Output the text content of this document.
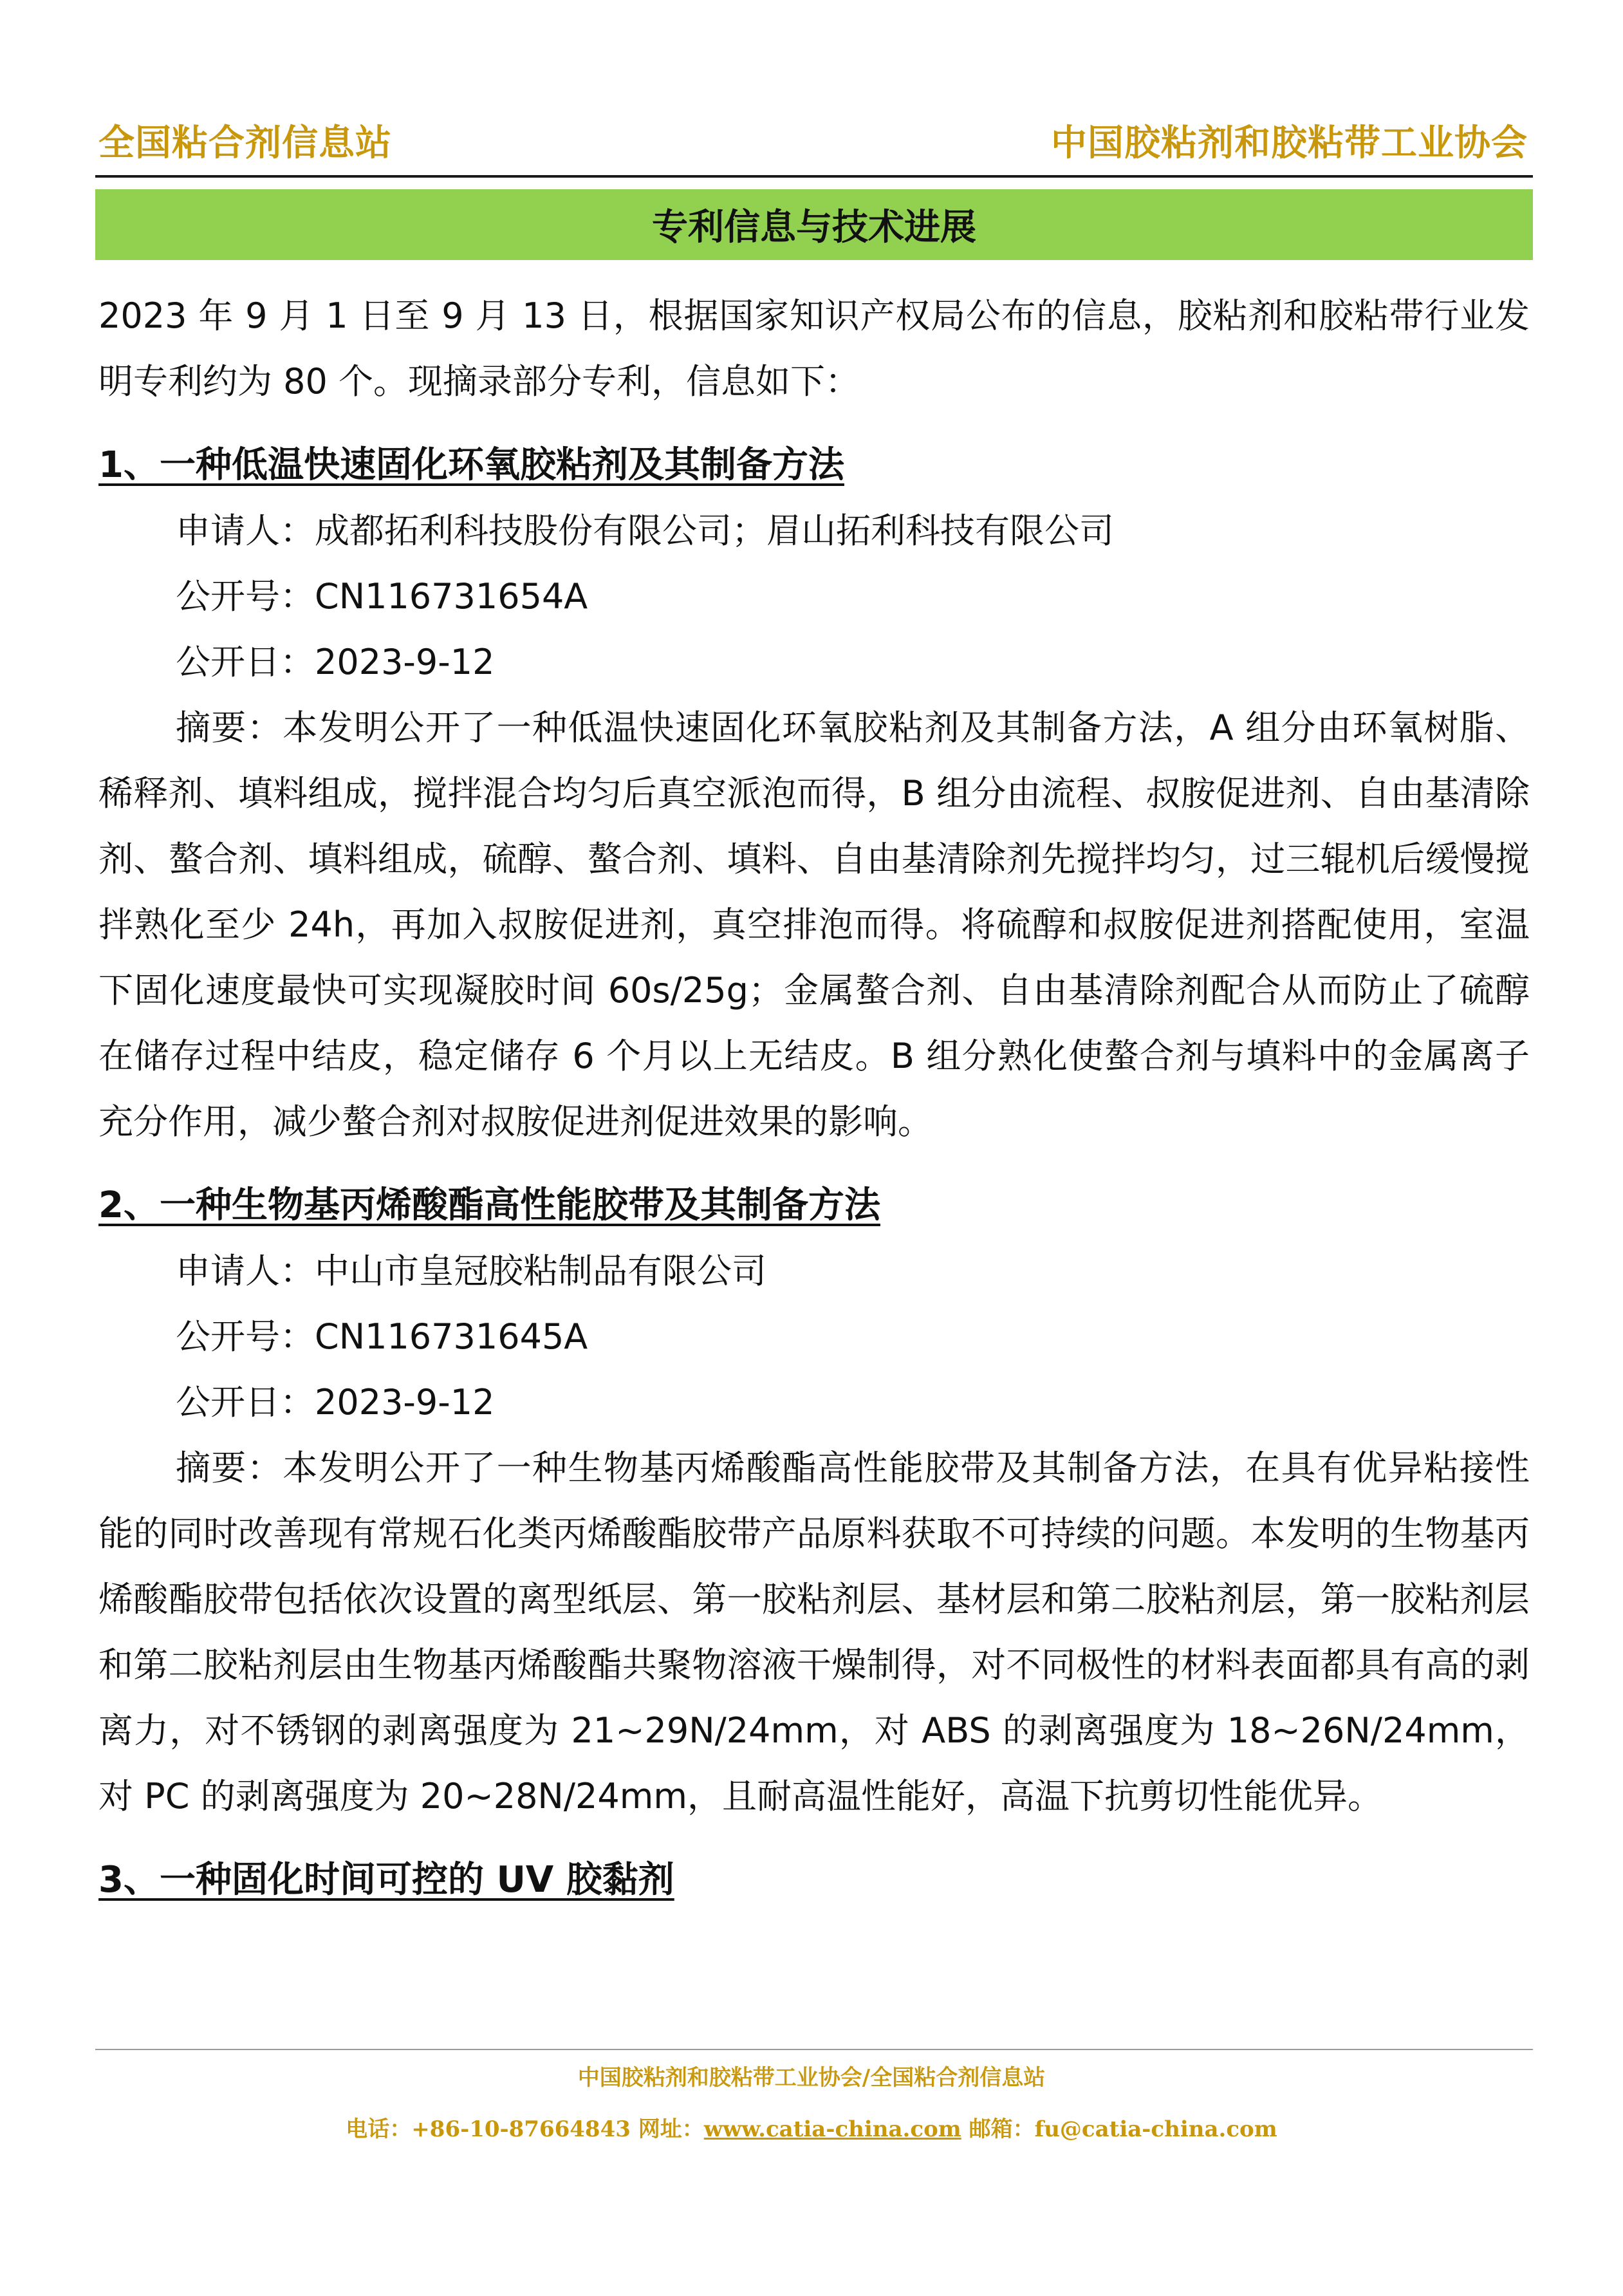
全国粘合剂信息站	中国胶粘剂和胶粘带工业协会
专利信息与技术进展

2023 年 9 月 1 日至 9 月 13 日，根据国家知识产权局公布的信息，胶粘剂和胶粘带行业发明专利约为 80 个。现摘录部分专利，信息如下：

1、一种低温快速固化环氧胶粘剂及其制备方法

申请人：成都拓利科技股份有限公司；眉山拓利科技有限公司

公开号：CN116731654A

公开日：2023-9-12

摘要：本发明公开了一种低温快速固化环氧胶粘剂及其制备方法，A 组分由环氧树脂、稀释剂、填料组成，搅拌混合均匀后真空派泡而得，B 组分由流程、叔胺促进剂、自由基清除剂、螯合剂、填料组成，硫醇、螯合剂、填料、自由基清除剂先搅拌均匀，过三辊机后缓慢搅拌熟化至少 24h，再加入叔胺促进剂，真空排泡而得。将硫醇和叔胺促进剂搭配使用，室温下固化速度最快可实现凝胶时间 60s/25g；金属螯合剂、自由基清除剂配合从而防止了硫醇在储存过程中结皮，稳定储存 6 个月以上无结皮。B 组分熟化使螯合剂与填料中的金属离子充分作用，减少螯合剂对叔胺促进剂促进效果的影响。

2、一种生物基丙烯酸酯高性能胶带及其制备方法

申请人：中山市皇冠胶粘制品有限公司

公开号：CN116731645A

公开日：2023-9-12

摘要：本发明公开了一种生物基丙烯酸酯高性能胶带及其制备方法，在具有优异粘接性能的同时改善现有常规石化类丙烯酸酯胶带产品原料获取不可持续的问题。本发明的生物基丙烯酸酯胶带包括依次设置的离型纸层、第一胶粘剂层、基材层和第二胶粘剂层，第一胶粘剂层和第二胶粘剂层由生物基丙烯酸酯共聚物溶液干燥制得，对不同极性的材料表面都具有高的剥离力，对不锈钢的剥离强度为 21~29N/24mm，对 ABS 的剥离强度为 18~26N/24mm，对 PC 的剥离强度为 20~28N/24mm，且耐高温性能好，高温下抗剪切性能优异。

3、一种固化时间可控的 UV 胶黏剂
中国胶粘剂和胶粘带工业协会/全国粘合剂信息站
电话：+86-10-87664843 网址：www.catia-china.com 邮箱：fu@catia-china.com
